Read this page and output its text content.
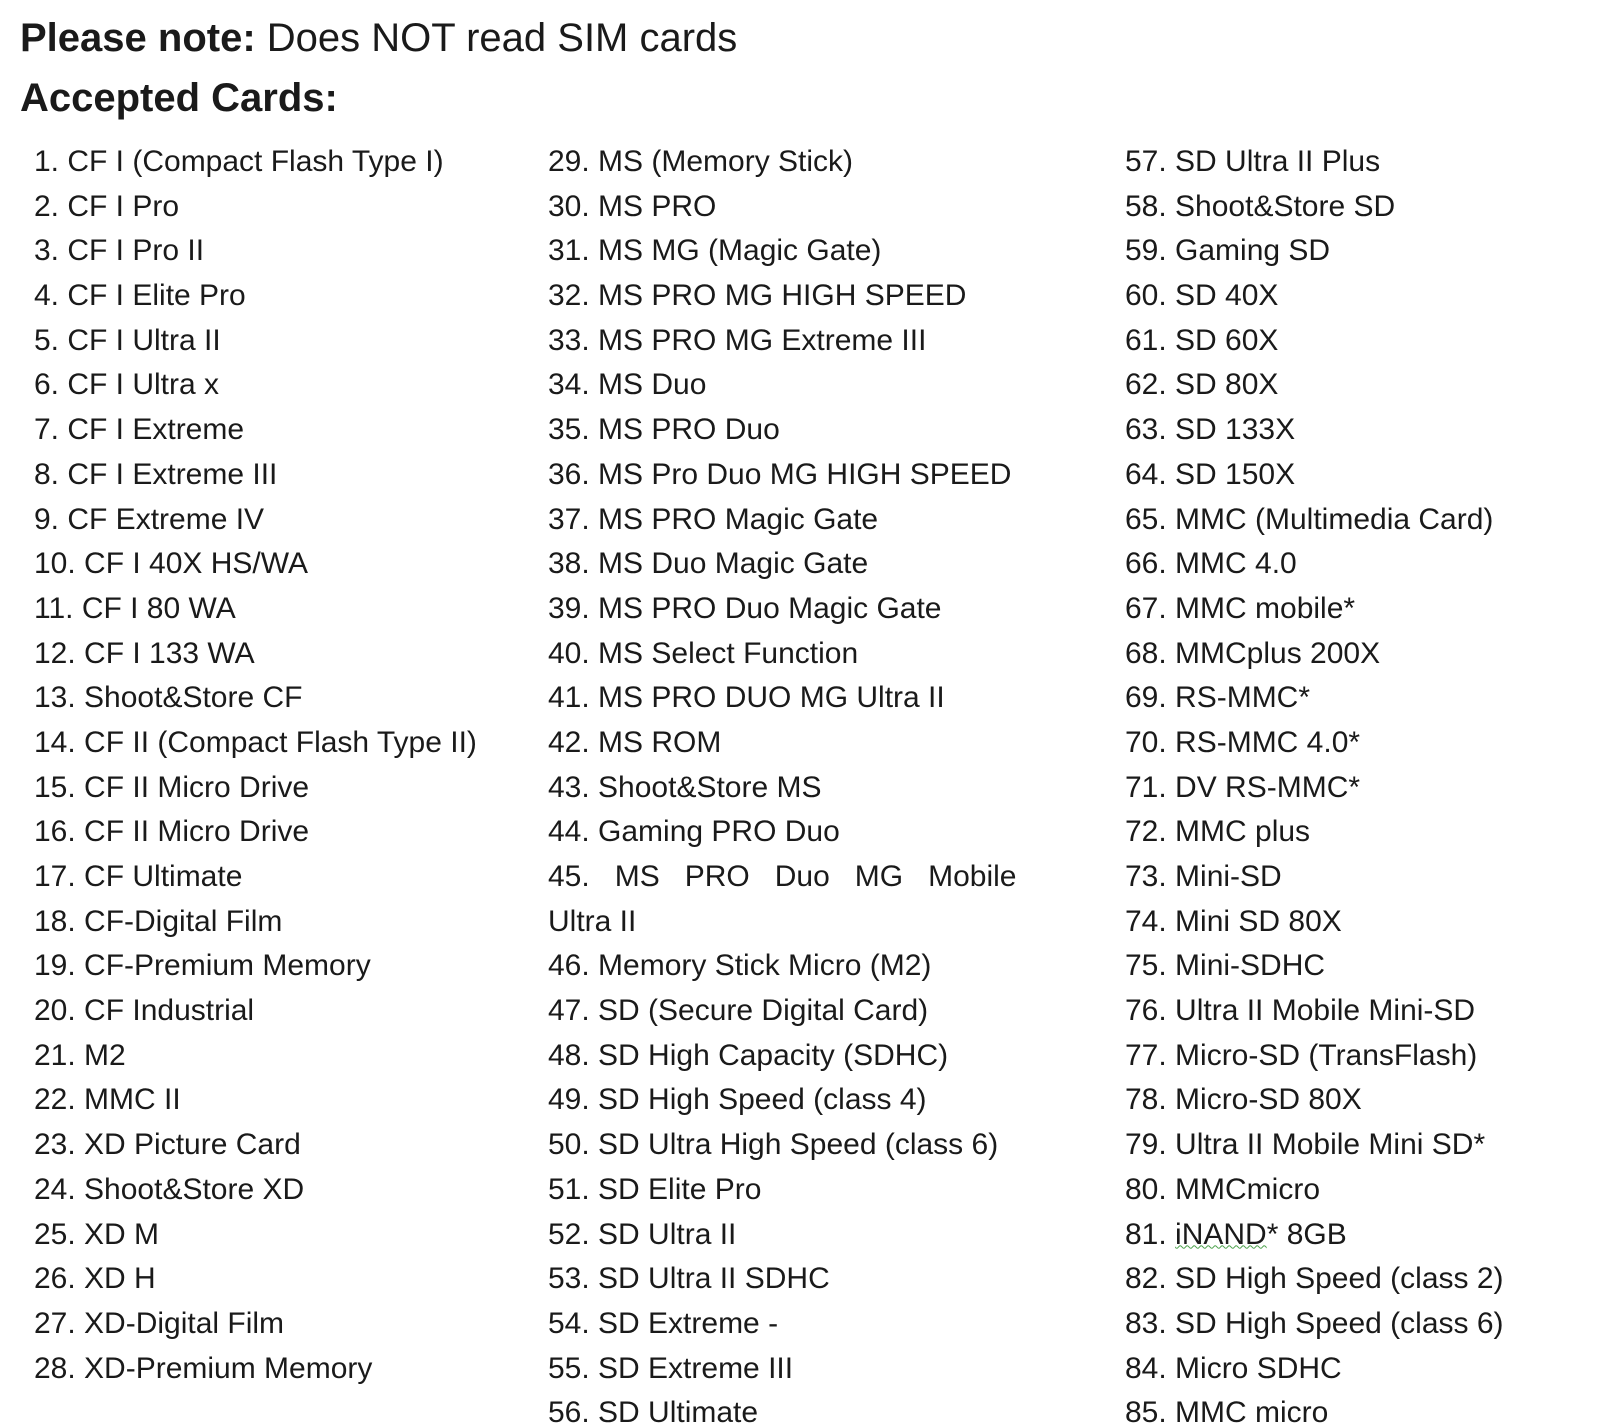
Please note: Does NOT read SIM cards
Accepted Cards:
1. CF I (Compact Flash Type I)
2. CF I Pro
3. CF I Pro II
4. CF I Elite Pro
5. CF I Ultra II
6. CF I Ultra x
7. CF I Extreme
8. CF I Extreme III
9. CF Extreme IV
10. CF I 40X HS/WA
11. CF I 80 WA
12. CF I 133 WA
13. Shoot&Store CF
14. CF II (Compact Flash Type II)
15. CF II Micro Drive
16. CF II Micro Drive
17. CF Ultimate
18. CF-Digital Film
19. CF-Premium Memory
20. CF Industrial
21. M2
22. MMC II
23. XD Picture Card
24. Shoot&Store XD
25. XD M
26. XD H
27. XD-Digital Film
28. XD-Premium Memory
29. MS (Memory Stick)
30. MS PRO
31. MS MG (Magic Gate)
32. MS PRO MG HIGH SPEED
33. MS PRO MG Extreme III
34. MS Duo
35. MS PRO Duo
36. MS Pro Duo MG HIGH SPEED
37. MS PRO Magic Gate
38. MS Duo Magic Gate
39. MS PRO Duo Magic Gate
40. MS Select Function
41. MS PRO DUO MG Ultra II
42. MS ROM
43. Shoot&Store MS
44. Gaming PRO Duo
45.   MS   PRO   Duo   MG   Mobile
Ultra II
46. Memory Stick Micro (M2)
47. SD (Secure Digital Card)
48. SD High Capacity (SDHC)
49. SD High Speed (class 4)
50. SD Ultra High Speed (class 6)
51. SD Elite Pro
52. SD Ultra II
53. SD Ultra II SDHC
54. SD Extreme -
55. SD Extreme III
56. SD Ultimate
57. SD Ultra II Plus
58. Shoot&Store SD
59. Gaming SD
60. SD 40X
61. SD 60X
62. SD 80X
63. SD 133X
64. SD 150X
65. MMC (Multimedia Card)
66. MMC 4.0
67. MMC mobile*
68. MMCplus 200X
69. RS-MMC*
70. RS-MMC 4.0*
71. DV RS-MMC*
72. MMC plus
73. Mini-SD
74. Mini SD 80X
75. Mini-SDHC
76. Ultra II Mobile Mini-SD
77. Micro-SD (TransFlash)
78. Micro-SD 80X
79. Ultra II Mobile Mini SD*
80. MMCmicro
81. iNAND* 8GB
82. SD High Speed (class 2)
83. SD High Speed (class 6)
84. Micro SDHC
85. MMC micro
